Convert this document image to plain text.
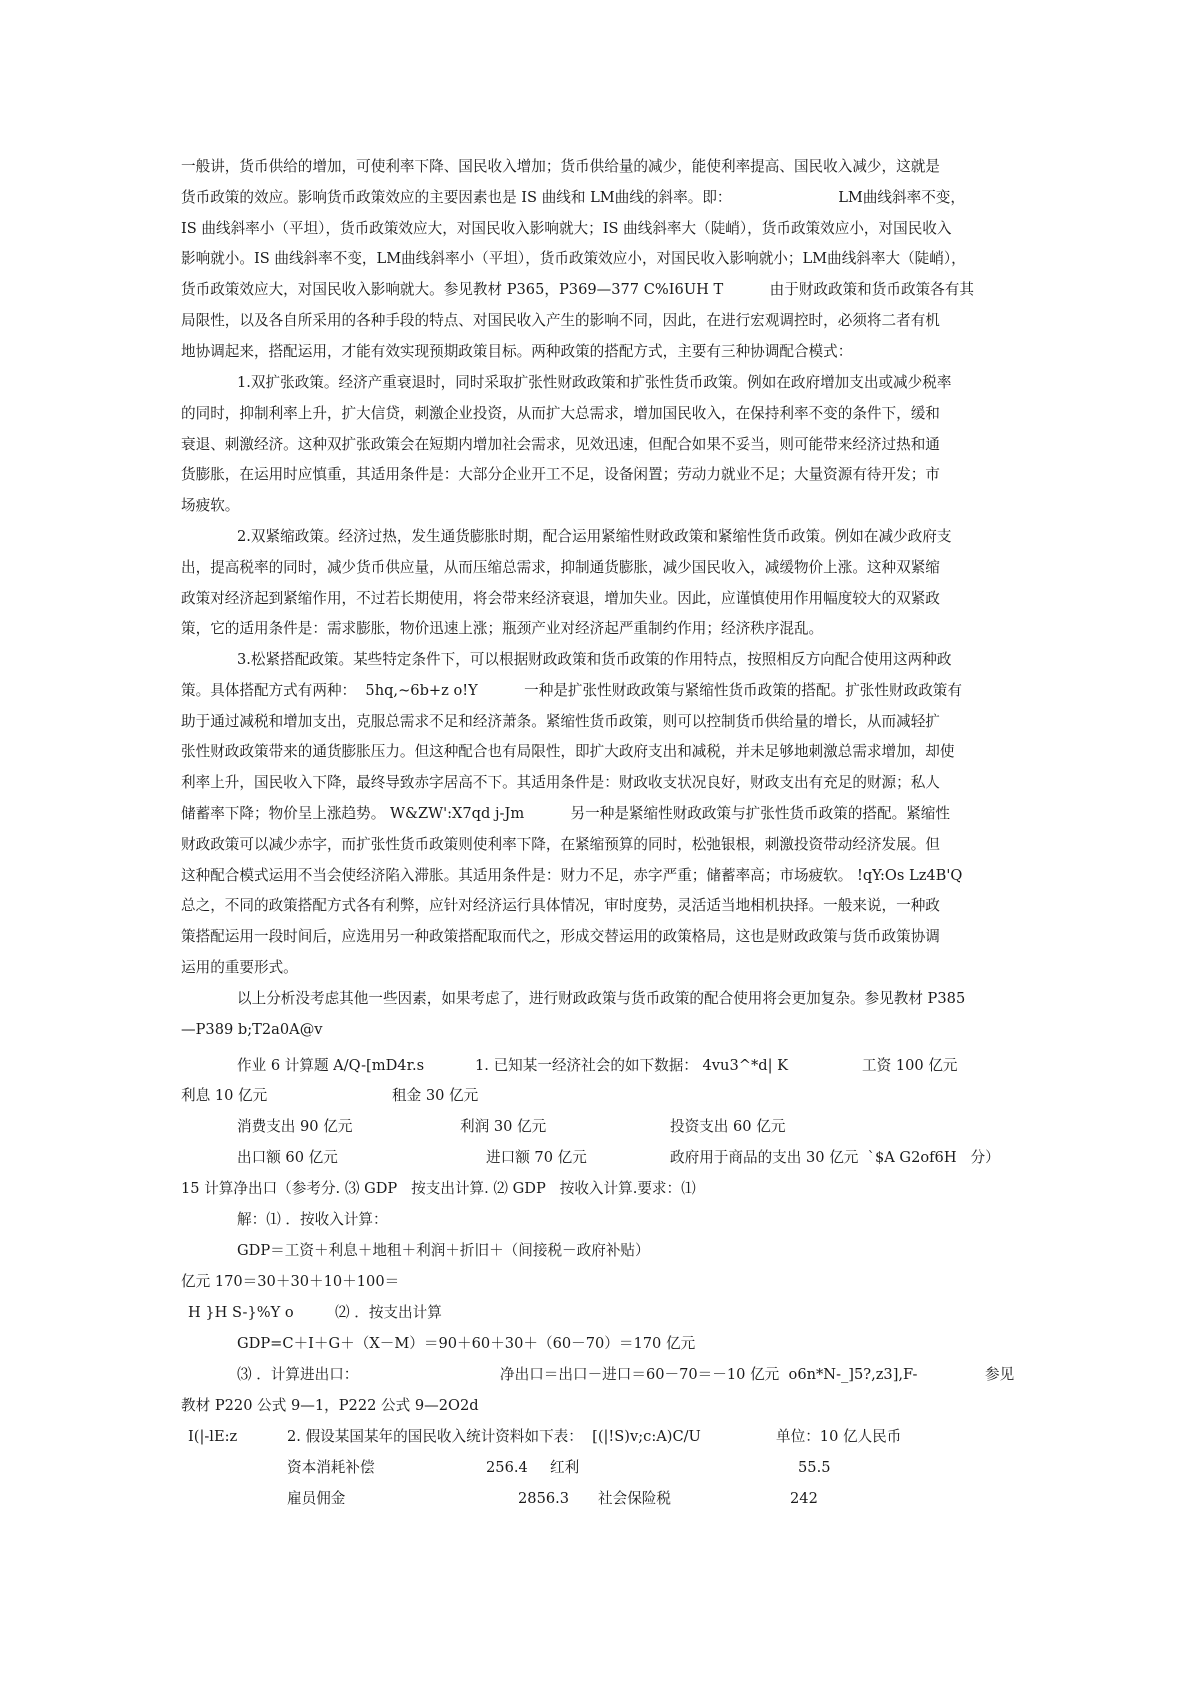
一般讲，货币供给的增加，可使利率下降、国民收入增加；货币供给量的减少，能使利率提高、国民收入减少，这就是
货币政策的效应。影响货币政策效应的主要因素也是 IS 曲线和 LM曲线的斜率。即：                       LM曲线斜率不变，
IS 曲线斜率小（平坦），货币政策效应大，对国民收入影响就大；IS 曲线斜率大（陡峭），货币政策效应小，对国民收入
影响就小。IS 曲线斜率不变，LM曲线斜率小（平坦），货币政策效应小，对国民收入影响就小；LM曲线斜率大（陡峭），
货币政策效应大，对国民收入影响就大。参见教材 P365，P369—377 C%I6UH T          由于财政政策和货币政策各有其
局限性，以及各自所采用的各种手段的特点、对国民收入产生的影响不同，因此，在进行宏观调控时，必须将二者有机
地协调起来，搭配运用，才能有效实现预期政策目标。两种政策的搭配方式，主要有三种协调配合模式：
1.双扩张政策。经济产重衰退时，同时采取扩张性财政政策和扩张性货币政策。例如在政府增加支出或减少税率
的同时，抑制利率上升，扩大信贷，刺激企业投资，从而扩大总需求，增加国民收入，在保持利率不变的条件下，缓和
衰退、刺激经济。这种双扩张政策会在短期内增加社会需求，见效迅速，但配合如果不妥当，则可能带来经济过热和通
货膨胀，在运用时应慎重，其适用条件是：大部分企业开工不足，设备闲置；劳动力就业不足；大量资源有待开发；市
场疲软。
2.双紧缩政策。经济过热，发生通货膨胀时期，配合运用紧缩性财政政策和紧缩性货币政策。例如在减少政府支
出，提高税率的同时，减少货币供应量，从而压缩总需求，抑制通货膨胀，减少国民收入，减缓物价上涨。这种双紧缩
政策对经济起到紧缩作用，不过若长期使用，将会带来经济衰退，增加失业。因此，应谨慎使用作用幅度较大的双紧政
策，它的适用条件是：需求膨胀，物价迅速上涨；瓶颈产业对经济起严重制约作用；经济秩序混乱。
3.松紧搭配政策。某些特定条件下，可以根据财政政策和货币政策的作用特点，按照相反方向配合使用这两种政
策。具体搭配方式有两种：  5hq,~6b+z o!Y          一种是扩张性财政政策与紧缩性货币政策的搭配。扩张性财政政策有
助于通过减税和增加支出，克服总需求不足和经济萧条。紧缩性货币政策，则可以控制货币供给量的增长，从而减轻扩
张性财政政策带来的通货膨胀压力。但这种配合也有局限性，即扩大政府支出和减税，并未足够地刺激总需求增加，却使
利率上升，国民收入下降，最终导致赤字居高不下。其适用条件是：财政收支状况良好，财政支出有充足的财源；私人
储蓄率下降；物价呈上涨趋势。 W&ZW':X7qd j-Jm          另一种是紧缩性财政政策与扩张性货币政策的搭配。紧缩性
财政政策可以减少赤字，而扩张性货币政策则使利率下降，在紧缩预算的同时，松弛银根，刺激投资带动经济发展。但
这种配合模式运用不当会使经济陷入滞胀。其适用条件是：财力不足，赤字严重；储蓄率高；市场疲软。 !qY:Os Lz4B'Q
总之，不同的政策搭配方式各有利弊，应针对经济运行具体情况，审时度势，灵活适当地相机抉择。一般来说，一种政
策搭配运用一段时间后，应选用另一种政策搭配取而代之，形成交替运用的政策格局，这也是财政政策与货币政策协调
运用的重要形式。
以上分析没考虑其他一些因素，如果考虑了，进行财政政策与货币政策的配合使用将会更加复杂。参见教材 P385
—P389 b;T2a0A@v
作业 6 计算题 A/Q-[mD4r.s	1. 已知某一经济社会的如下数据： 4vu3^*d| K	工资 100 亿元
利息 10 亿元	租金 30 亿元
消费支出 90 亿元	利润 30 亿元	投资支出 60 亿元
出口额 60 亿元	进口额 70 亿元	政府用于商品的支出 30 亿元  `$A G2of6H   分）
15 计算净出口（参考分. ⑶ GDP   按支出计算. ⑵ GDP   按收入计算.要求：⑴
解：⑴ ．按收入计算：
GDP＝工资＋利息＋地租＋利润＋折旧＋（间接税－政府补贴）
亿元 170＝30＋30＋10＋100＝
H }H S-}%Y o	⑵ ．按支出计算
GDP=C＋I＋G＋（X－M）＝90＋60＋30＋（60－70）＝170 亿元
⑶ ．计算进出口：	净出口＝出口－进口＝60－70＝－10 亿元  o6n*N-_]5?,z3],F-	参见
教材 P220 公式 9—1，P222 公式 9—2O2d
I(|-lE:z	2. 假设某国某年的国民收入统计资料如下表：  [(|!S)v;c:A)C/U	单位：10 亿人民币
资本消耗补偿	256.4 红利	55.5
雇员佣金	2856.3 社会保险税	242
